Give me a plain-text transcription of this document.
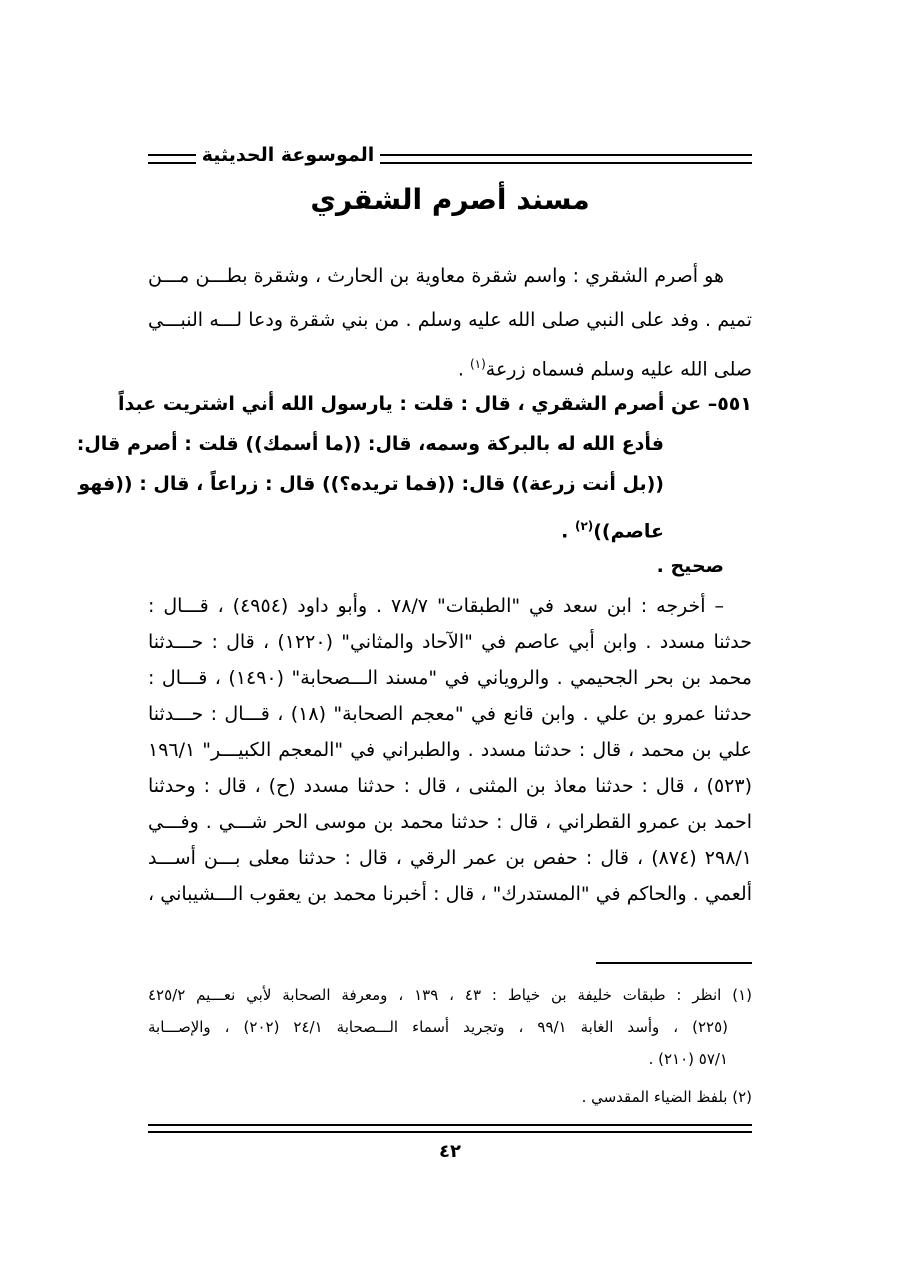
الموسوعة الحديثية
مسند أصرم الشقري
هو أصرم الشقري : واسم شقرة معاوية بن الحارث ، وشقرة بطـــن مـــن
تميم . وفد على النبي صلى الله عليه وسلم . من بني شقرة ودعا لـــه النبـــي
صلى الله عليه وسلم فسماه زرعة$^{(١)}$ .
٥٥١– عن أصرم الشقري ، قال : قلت : يارسول الله أني اشتريت عبداً
فأدع الله له بالبركة وسمه، قال: ((ما أسمك)) قلت : أصرم قال:
((بل أنت زرعة)) قال: ((فما تريده؟)) قال : زراعاً ، قال : ((فهو
عاصم))$^{(٢)}$ .
صحيح .
– أخرجه : ابن سعد في "الطبقات" ٧٨/٧ . وأبو داود (٤٩٥٤) ، قـــال :
حدثنا مسدد . وابن أبي عاصم في "الآحاد والمثاني" (١٢٢٠) ، قال : حـــدثنا
محمد بن بحر الجحيمي . والروياني في "مسند الـــصحابة" (١٤٩٠) ، قـــال :
حدثنا عمرو بن علي . وابن قانع في "معجم الصحابة" (١٨) ، قـــال : حـــدثنا
علي بن محمد ، قال : حدثنا مسدد . والطبراني في "المعجم الكبيـــر" ١٩٦/١
(٥٢٣) ، قال : حدثنا معاذ بن المثنى ، قال : حدثنا مسدد (ح) ، قال : وحدثنا
احمد بن عمرو القطراني ، قال : حدثنا محمد بن موسى الحر شـــي . وفـــي
٢٩٨/١ (٨٧٤) ، قال : حفص بن عمر الرقي ، قال : حدثنا معلى بـــن أســـد
ألعمي . والحاكم في "المستدرك" ، قال : أخبرنا محمد بن يعقوب الـــشيباني ،
(١) انظر : طبقات خليفة بن خياط : ٤٣ ، ١٣٩ ، ومعرفة الصحابة لأبي نعـــيم ٤٢٥/٢
(٢٢٥) ، وأسد الغابة ٩٩/١ ، وتجريد أسماء الـــصحابة ٢٤/١ (٢٠٢) ، والإصـــابة
٥٧/١ (٢١٠) .
(٢) بلفظ الضياء المقدسي .
٤٢
